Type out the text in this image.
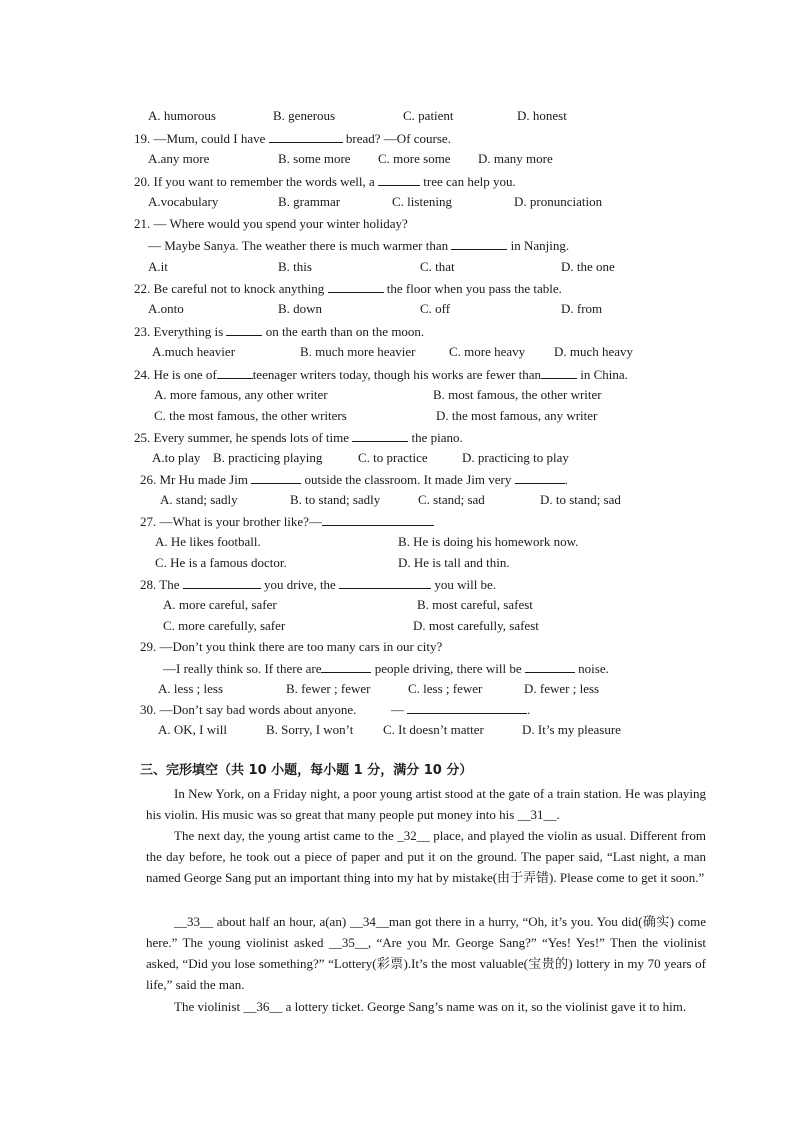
A. humorous	B. generous	C. patient	D. honest
19. —Mum, could I have	bread? —Of course.
A.any more	B. some more C. more some D. many more
20. If you want to remember the words well, a	tree can help you.
A.vocabulary	B. grammar	C. listening	D. pronunciation
21. — Where would you spend your winter holiday?
— Maybe Sanya. The weather there is much warmer than	in Nanjing.
A.it	B. this	C. that	D. the one
22. Be careful not to knock anything	the floor when you pass the table.
A.onto	B. down	C. off	D. from
23. Everything is	on the earth than on the moon.
A.much heavier	B. much more heavier	C. more heavy D. much heavy
24. He is one of	teenager writers today, though his works are fewer than	in China.
A. more famous, any other writer	B. most famous, the other writer
C. the most famous, the other writers	D. the most famous, any writer
25. Every summer, he spends lots of time	the piano.
A.to play B. practicing playing	C. to practice	D. practicing to play
26. Mr Hu made Jim	outside the classroom. It made Jim very	.
A. stand; sadly	B. to stand; sadly	C. stand; sad	D. to stand; sad
27. —What is your brother like?—
A. He likes football.	B. He is doing his homework now.
C. He is a famous doctor.	D. He is tall and thin.
28. The	you drive, the	you will be.
A. more careful, safer	B. most careful, safest
C. more carefully, safer	D. most carefully, safest
29. —Don’t you think there are too many cars in our city?
—I really think so. If there are	people driving, there will be	noise.
A. less ; less	B. fewer ; fewer	C. less ; fewer	D. fewer ; less
30. —Don’t say bad words about anyone.	—	.
A. OK, I will	B. Sorry, I won’t C. It doesn’t matter	D. It’s my pleasure
三、完形填空（共 10 小题，每小题 1 分，满分 10 分）
In New York, on a Friday night, a poor young artist stood at the gate of a train station. He was playing his violin. His music was so great that many people put money into his __31__.
The next day, the young artist came to the _32__ place, and played the violin as usual. Different from the day before, he took out a piece of paper and put it on the ground. The paper said, “Last night, a man named George Sang put an important thing into my hat by mistake(由于弄错). Please come to get it soon.”
__33__ about half an hour, a(an) __34__man got there in a hurry, “Oh, it’s you. You did(确实) come here.” The young violinist asked __35__, “Are you Mr. George Sang?” “Yes! Yes!” Then the violinist asked, “Did you lose something?” “Lottery(彩票).It’s the most valuable(宝贵的) lottery in my 70 years of life,” said the man.
The violinist __36__ a lottery ticket. George Sang’s name was on it, so the violinist gave it to him.
